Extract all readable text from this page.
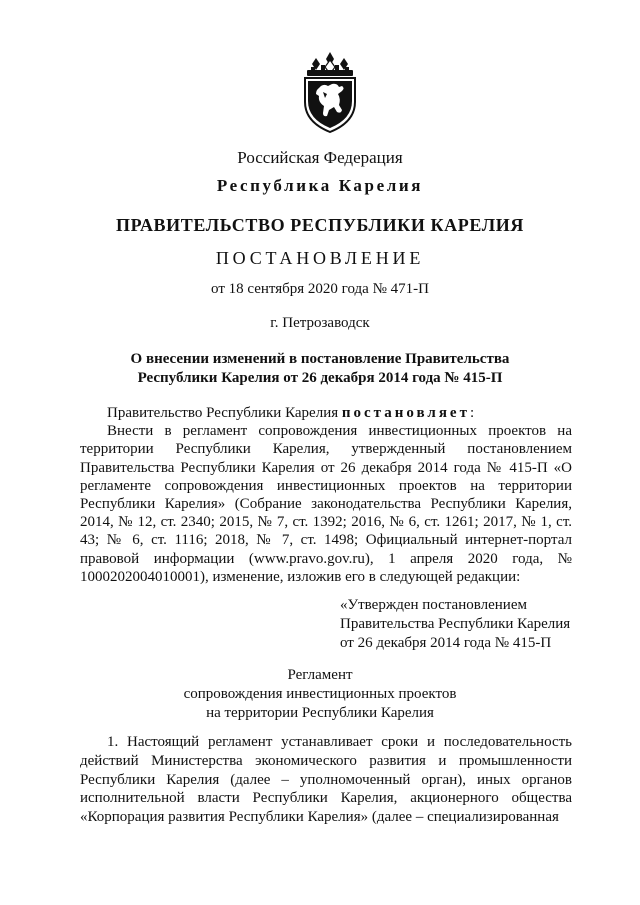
Российская Федерация
Республика Карелия
ПРАВИТЕЛЬСТВО РЕСПУБЛИКИ КАРЕЛИЯ
ПОСТАНОВЛЕНИЕ
от 18 сентября 2020 года № 471-П
г. Петрозаводск
О внесении изменений в постановление Правительства
Республики Карелия от 26 декабря 2014 года № 415-П

Правительство Республики Карелия постановляет:

Внести в регламент сопровождения инвестиционных проектов на территории Республики Карелия, утвержденный постановлением Правительства Республики Карелия от 26 декабря 2014 года № 415-П «О регламенте сопровождения инвестиционных проектов на территории Республики Карелия» (Собрание законодательства Республики Карелия, 2014, № 12, ст. 2340; 2015, № 7, ст. 1392; 2016, № 6, ст. 1261; 2017, № 1, ст. 43; № 6, ст. 1116; 2018, № 7, ст. 1498; Официальный интернет-портал правовой информации (www.pravo.gov.ru), 1 апреля 2020 года, № 1000202004010001), изменение, изложив его в следующей редакции:

«Утвержден постановлением
Правительства Республики Карелия
от 26 декабря 2014 года № 415-П
Регламент
сопровождения инвестиционных проектов
на территории Республики Карелия

1. Настоящий регламент устанавливает сроки и последовательность действий Министерства экономического развития и промышленности Республики Карелия (далее – уполномоченный орган), иных органов исполнительной власти Республики Карелия, акционерного общества «Корпорация развития Республики Карелия» (далее – специализированная
